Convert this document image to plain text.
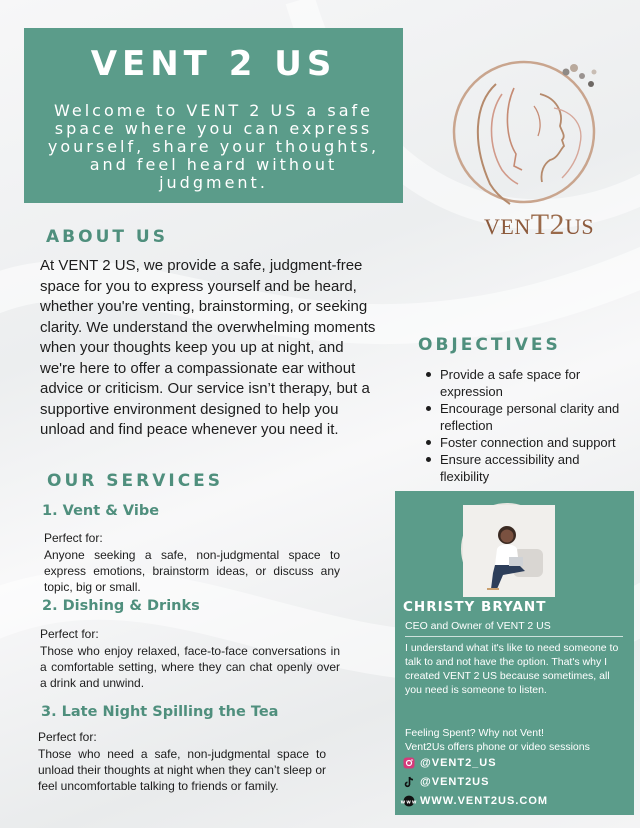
VENT 2 US

Welcome to VENT 2 US a safe space where you can express yourself, share your thoughts, and feel heard without judgment.

VENT2US
ABOUT US
At VENT 2 US, we provide a safe, judgment-free space for you to express yourself and be heard, whether you're venting, brainstorming, or seeking clarity. We understand the overwhelming moments when your thoughts keep you up at night, and we're here to offer a compassionate ear without advice or criticism. Our service isn’t therapy, but a supportive environment designed to help you unload and find peace whenever you need it.
OBJECTIVES
Provide a safe space for expression
Encourage personal clarity and reflection
Foster connection and support
Ensure accessibility and flexibility
OUR SERVICES
1. Vent & Vibe
Perfect for:
Anyone seeking a safe, non-judgmental space to express emotions, brainstorm ideas, or discuss any topic, big or small.
2. Dishing & Drinks
Perfect for:
Those who enjoy relaxed, face-to-face conversations in a comfortable setting, where they can chat openly over a drink and unwind.
3. Late Night Spilling the Tea
Perfect for:
Those who need a safe, non-judgmental space to unload their thoughts at night when they can’t sleep or feel uncomfortable talking to friends or family.
CHRISTY BRYANT
CEO and Owner of VENT 2 US
I understand what it's like to need someone to talk to and not have the option. That's why I created VENT 2 US because sometimes, all you need is someone to listen.
Feeling Spent? Why not Vent!
Vent2Us offers phone or video sessions
@VENT2_US
@VENT2US
www WWW.VENT2US.COM
